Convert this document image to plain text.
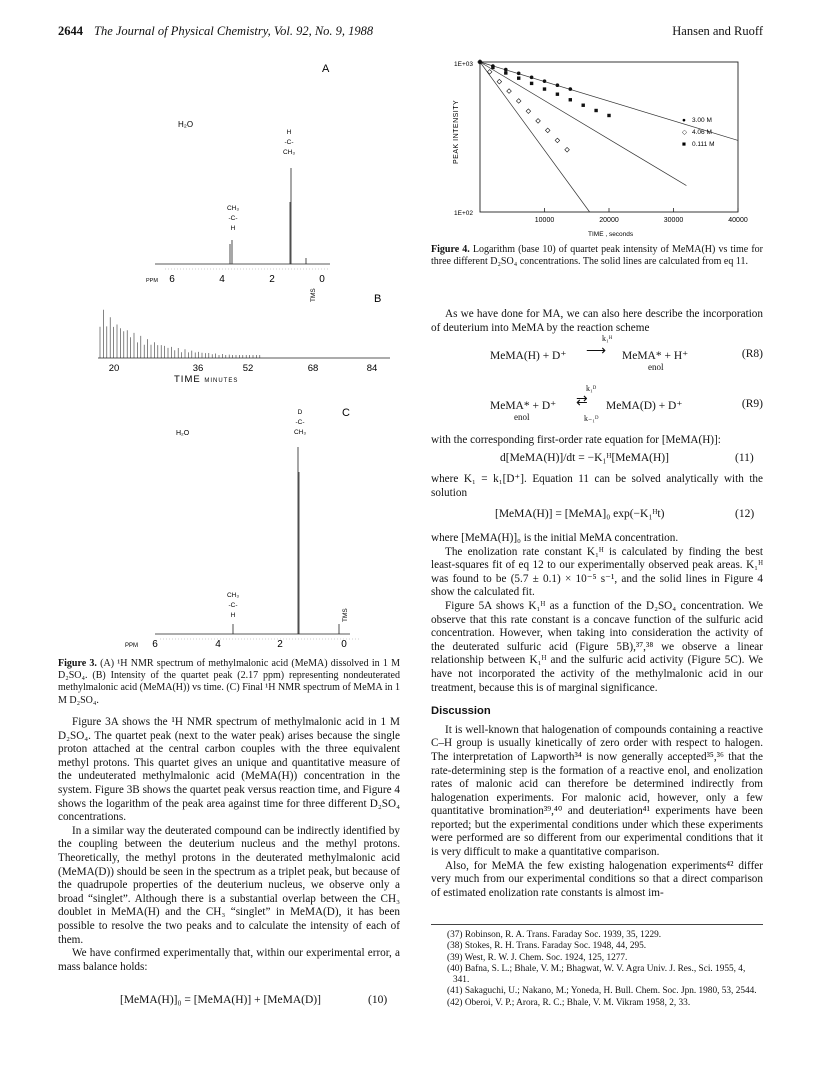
2644 The Journal of Physical Chemistry, Vol. 92, No. 9, 1988	Hansen and Ruoff
A
H₂O
H
-C-
CH₃
CH₃
-C-
H
TMS
PPM 6	4	2	0
B
20	36	52	68	84
TIME MINUTES
C
H₂O
D
-C-
CH₃
CH₃
-C-
H	TMS
PPM 6	4	2	0
Figure 3. (A) ¹H NMR spectrum of methylmalonic acid (MeMA) dissolved in 1 M D₂SO₄. (B) Intensity of the quartet peak (2.17 ppm) representing nondeuterated methylmalonic acid (MeMA(H)) vs time. (C) Final ¹H NMR spectrum of MeMA in 1 M D₂SO₄.

Figure 3A shows the ¹H NMR spectrum of methylmalonic acid in 1 M D₂SO₄. The quartet peak (next to the water peak) arises because the single proton attached at the central carbon couples with the three equivalent methyl protons. This quartet gives an unique and quantitative measure of the undeuterated methylmalonic acid (MeMA(H)) concentration in the system. Figure 3B shows the quartet peak versus reaction time, and Figure 4 shows the logarithm of the peak area against time for three different D₂SO₄ concentrations.

In a similar way the deuterated compound can be indirectly identified by the coupling between the deuterium nucleus and the methyl protons. Theoretically, the methyl protons in the deuterated methylmalonic acid (MeMA(D)) should be seen in the spectrum as a triplet peak, but because of the quadrupole properties of the deuterium nucleus, we observe only a broad “singlet”. Although there is a substantial overlap between the CH₃ doublet in MeMA(H) and the CH₃ “singlet” in MeMA(D), it has been possible to resolve the two peaks and to calculate the intensity of each of them.

We have confirmed experimentally that, within our experimental error, a mass balance holds:

[MeMA(H)]₀ = [MeMA(H)] + [MeMA(D)]	(10)
PEAK INTENSITY
1E+03
1E+02
10000	20000	30000	40000
TIME , seconds
● 3.00 M
◇ 4.06 M
■ 0.111 M
Figure 4. Logarithm (base 10) of quartet peak intensity of MeMA(H) vs time for three different D₂SO₄ concentrations. The solid lines are calculated from eq 11.

As we have done for MA, we can also here describe the incorporation of deuterium into MeMA by the reaction scheme

MeMA(H) + D⁺
k₁ᴴ
⟶ MeMA* + H⁺
enol
(R8)
MeMA* + D⁺
enol
k₁ᴰ
⇄
k₋₁ᴰ
MeMA(D) + D⁺	(R9)

with the corresponding first-order rate equation for [MeMA(H)]:

d[MeMA(H)]/dt = −K₁ᴴ[MeMA(H)]	(11)

where K₁ = k₁[D⁺]. Equation 11 can be solved analytically with the solution

[MeMA(H)] = [MeMA]₀ exp(−K₁ᴴt)	(12)

where [MeMA(H)]₀ is the initial MeMA concentration.

The enolization rate constant K₁ᴴ is calculated by finding the best least-squares fit of eq 12 to our experimentally observed peak areas. K₁ᴴ was found to be (5.7 ± 0.1) × 10⁻⁵ s⁻¹, and the solid lines in Figure 4 show the calculated fit.

Figure 5A shows K₁ᴴ as a function of the D₂SO₄ concentration. We observe that this rate constant is a concave function of the sulfuric acid concentration. However, when taking into consideration the activity of the deuterated sulfuric acid (Figure 5B),³⁷,³⁸ we observe a linear relationship between K₁ᴴ and the sulfuric acid activity (Figure 5C). We have not incorporated the activity of the methylmalonic acid in our treatment, because this is of marginal significance.

Discussion

It is well-known that halogenation of compounds containing a reactive C–H group is usually kinetically of zero order with respect to halogen. The interpretation of Lapworth³⁴ is now generally accepted³⁵,³⁶ that the rate-determining step is the formation of a reactive enol, and enolization rates of malonic acid can therefore be determined indirectly from halogenation experiments. For malonic acid, however, only a few quantitative bromination³⁹,⁴⁰ and deuteriation⁴¹ experiments have been reported; but the experimental conditions under which these experiments were performed are so different from our experimental conditions that it is very difficult to make a quantitative comparison.

Also, for MeMA the few existing halogenation experiments⁴² differ very much from our experimental conditions so that a direct comparison of estimated enolization rate constants is almost im-

(37) Robinson, R. A. Trans. Faraday Soc. 1939, 35, 1229.
(38) Stokes, R. H. Trans. Faraday Soc. 1948, 44, 295.
(39) West, R. W. J. Chem. Soc. 1924, 125, 1277.
(40) Bafna, S. L.; Bhale, V. M.; Bhagwat, W. V. Agra Univ. J. Res., Sci. 1955, 4, 341.
(41) Sakaguchi, U.; Nakano, M.; Yoneda, H. Bull. Chem. Soc. Jpn. 1980, 53, 2544.
(42) Oberoi, V. P.; Arora, R. C.; Bhale, V. M. Vikram 1958, 2, 33.
